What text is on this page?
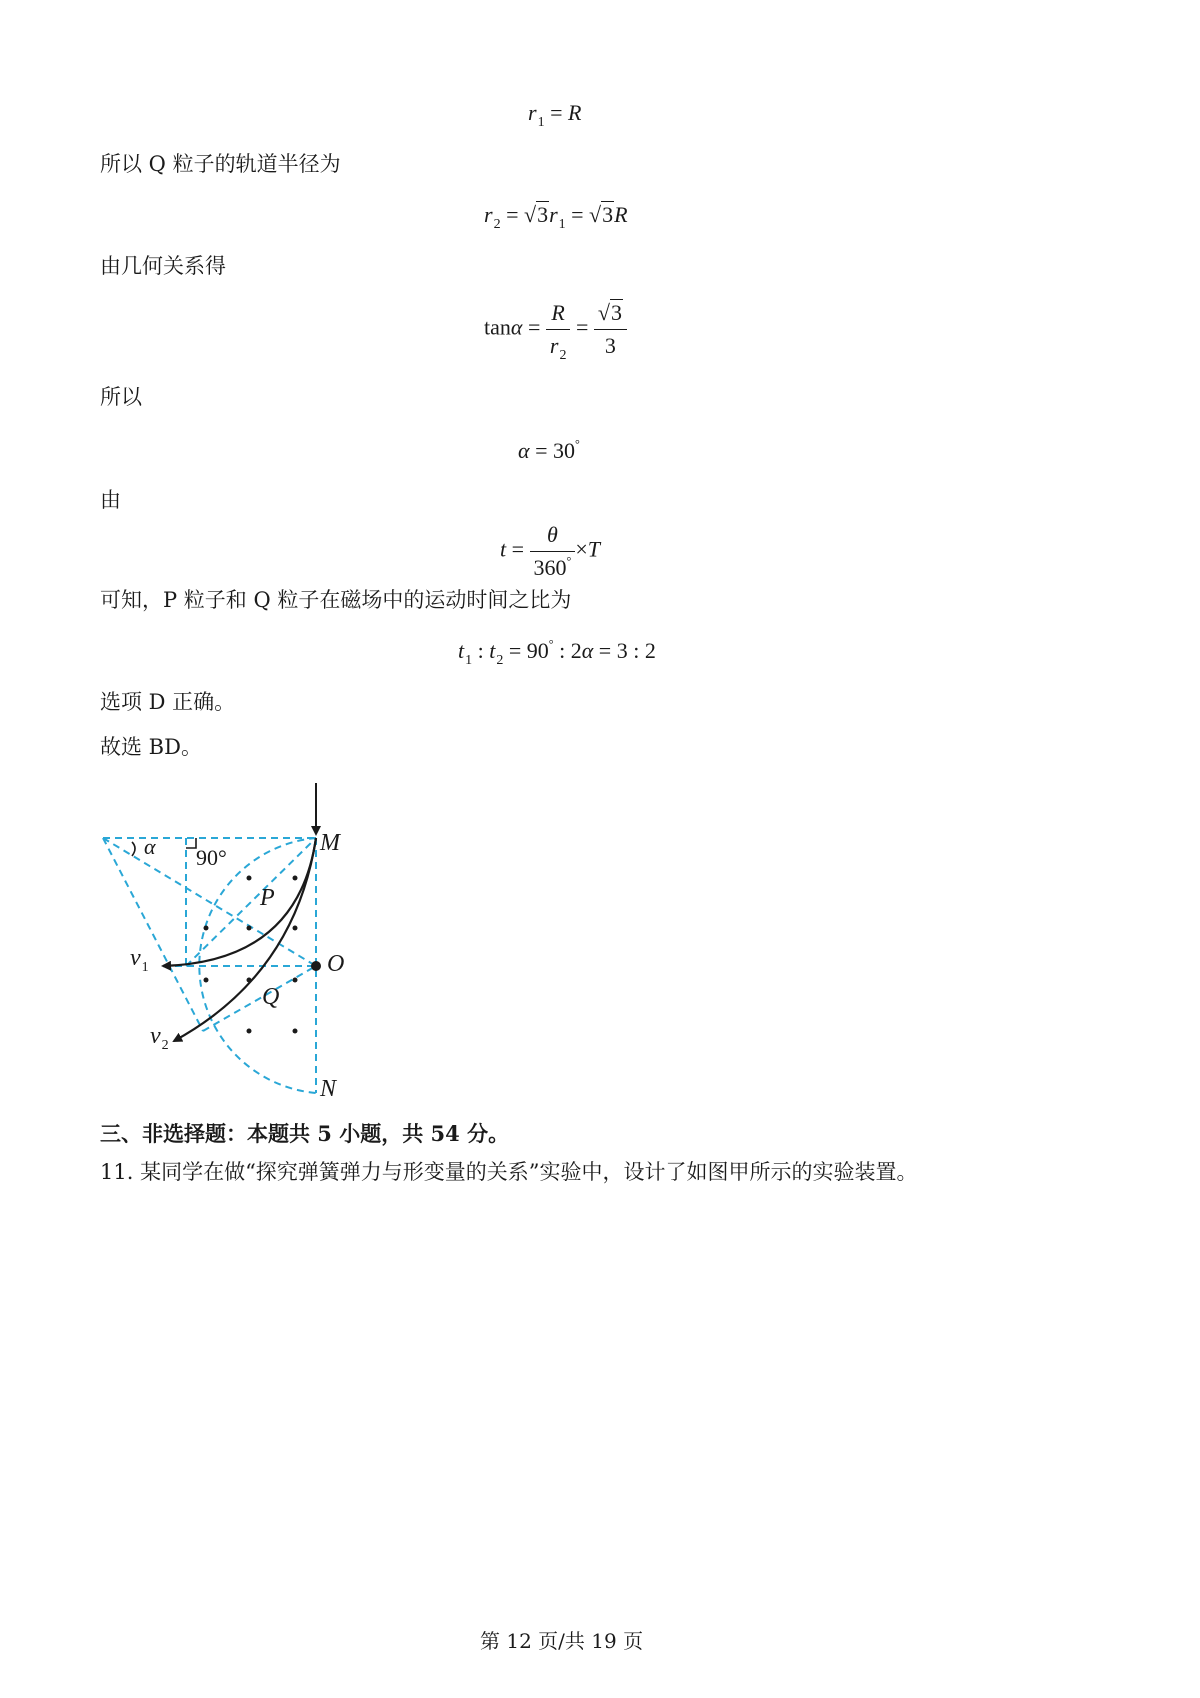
$r_1 = R$
所以 Q 粒子的轨道半径为
$r_2 = √3r_1 = √3R$
由几何关系得
$\tan\alpha = \frac{R}{r_2} = \frac{√3}{3}$
所以
α = 30°
由
$t = \frac{\theta}{360^\circ} \times T$
可知，P 粒子和 Q 粒子在磁场中的运动时间之比为
$t_1$ : $t_2 = 90^\circ$ : 2α = 3 : 2
选项 D 正确。
故选 BD。
α 90°
M
P
O
Q
N
$v_1$
$v_2$
三、非选择题：本题共 5 小题，共 54 分。
11. 某同学在做“探究弹簧弹力与形变量的关系”实验中，设计了如图甲所示的实验装置。
第 12 页/共 19 页
